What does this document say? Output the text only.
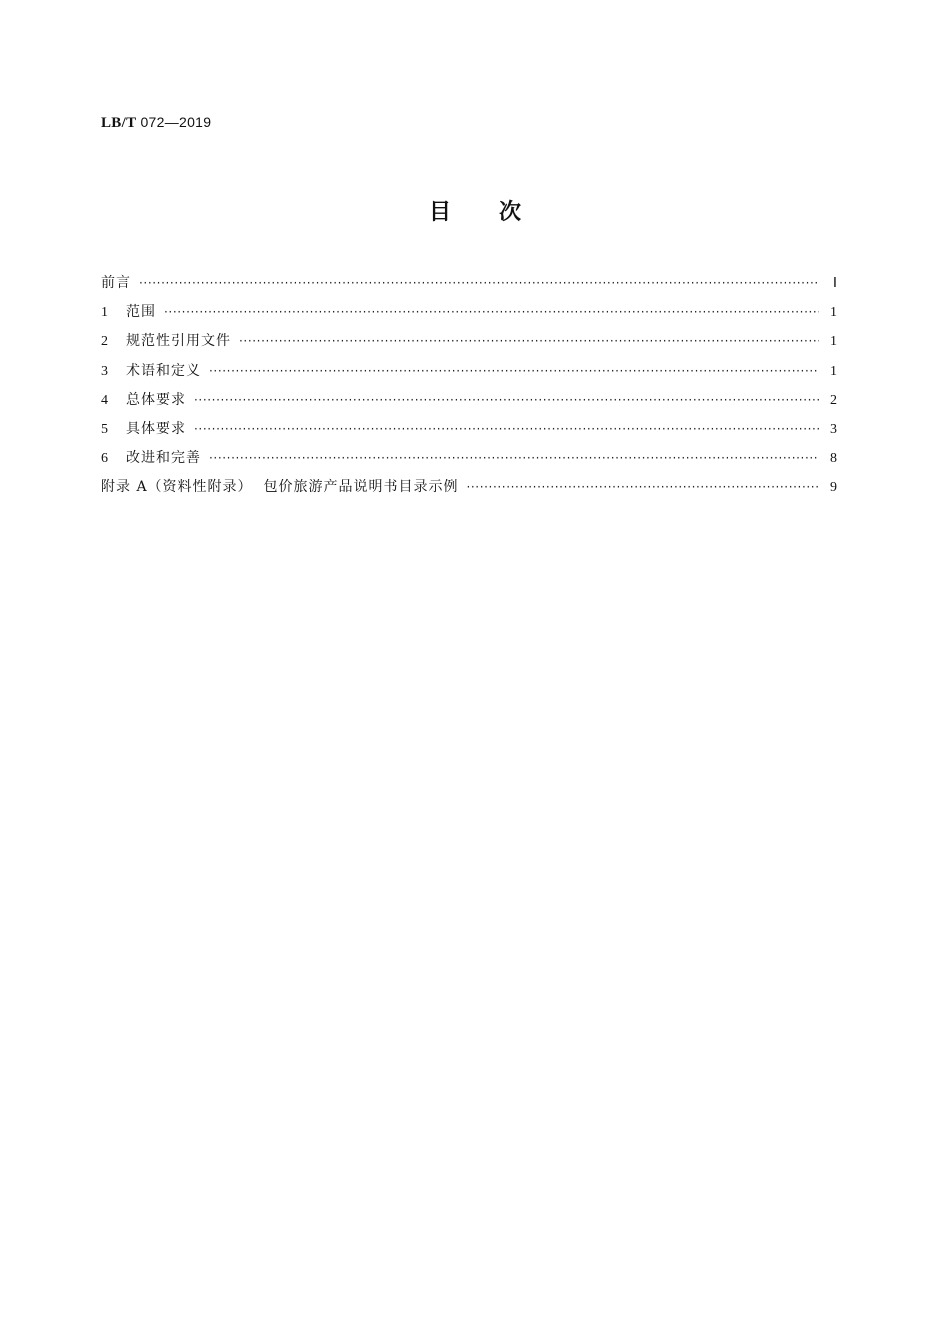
LB/T 072—2019
目 次
前言 ·····	Ⅰ
1	范围 ·····	1
2	规范性引用文件 ·····	1
3	术语和定义 ·····	1
4	总体要求 ·····	2
5	具体要求 ·····	3
6	改进和完善 ·····	8
附录 A（资料性附录）  包价旅游产品说明书目录示例 ·····	9
